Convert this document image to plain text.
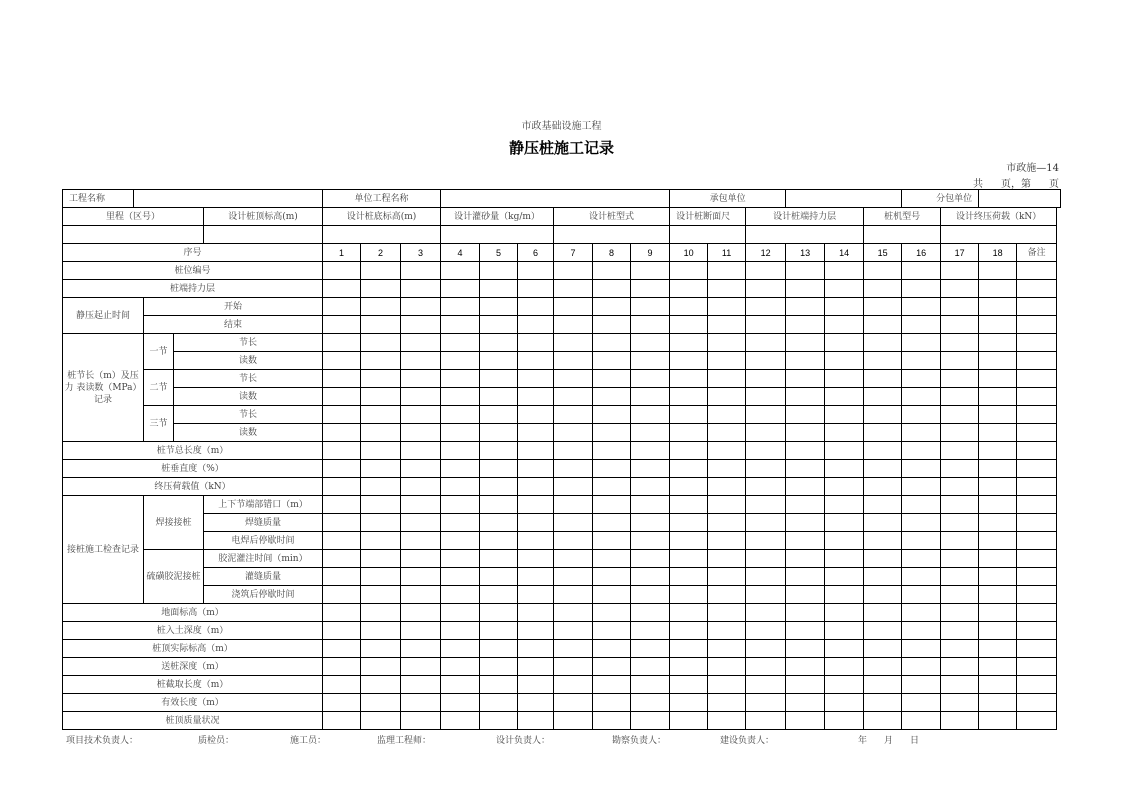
市政基础设施工程
静压桩施工记录
市政施—14
共 页，第 页
工程名称					单位工程名称									承包单位						分包单位			
里程（区号）				设计桩顶标高(m)	设计桩底标高(m)			设计灌砂量（kg/m）			设计桩型式			设计桩断面尺		设计桩端持力层			桩机型号		设计终压荷载（kN）		

序号					1	2	3	4	5	6	7	8	9	10	11	12	13	14	15	16	17	18	备注
桩位编号																							
桩端持力层																							
静压起止时间		开始																					
		结束																					
桩节长（m）及压力 表读数（MPa）记录		一节	节长																				
			读数																				
		二节	节长																				
			读数																				
		三节	节长																				
			读数																				
桩节总长度（m）																							
桩垂直度（%）																							
终压荷载值（kN）																							
接桩施工检查记录		焊接接桩		上下节端部错口（m）																			
				焊缝质量																			
				电焊后停歇时间																			
		硫磺胶泥接桩		胶泥灌注时间（min）																			
				灌缝质量																			
				浇筑后停歇时间																			
地面标高（m）																							
桩入土深度（m）																							
桩顶实际标高（m）																							
送桩深度（m）																							
桩截取长度（m）																							
有效长度（m）																							
桩顶质量状况																							
项目技术负责人：	质检员：	施工员：	监理工程师：	设计负责人：	勘察负责人：	建设负责人：	年 月 日
